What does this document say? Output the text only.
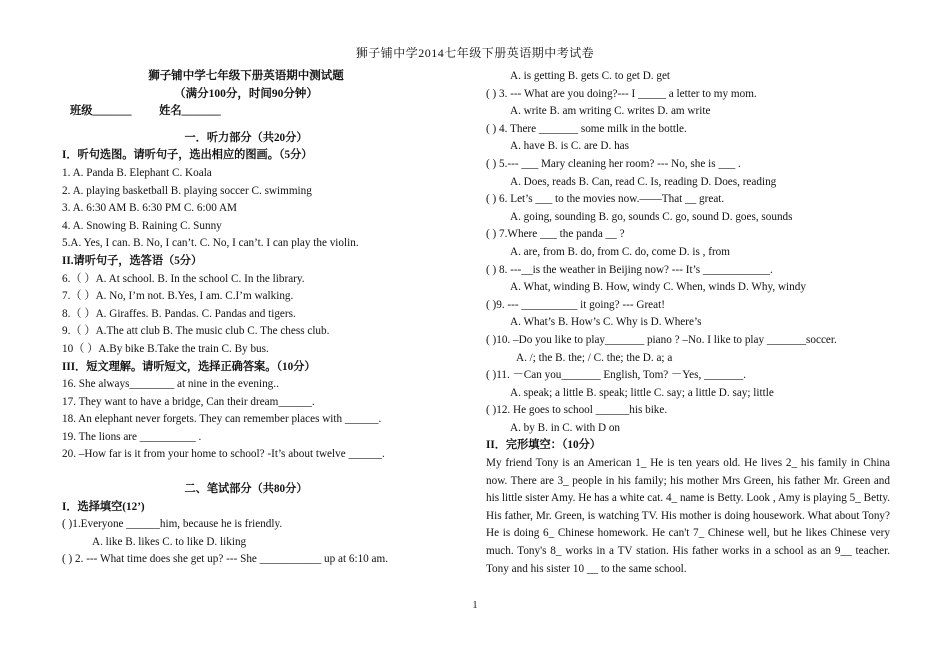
狮子铺中学2014七年级下册英语期中考试卷
狮子铺中学七年级下册英语期中测试题
（满分100分，时间90分钟）
班级_______ 姓名_______
一．听力部分（共20分）
I．听句选图。请听句子，选出相应的图画。（5分）
1. A. Panda B. Elephant C. Koala
2. A. playing basketball B. playing soccer C. swimming
3. A. 6:30 AM B. 6:30 PM C. 6:00 AM
4. A. Snowing B. Raining C. Sunny
5.A. Yes, I can. B. No, I can’t. C. No, I can’t. I can play the violin.
II.请听句子，选答语（5分）
6.（ ）A. At school. B. In the school C. In the library.
7.（ ）A. No, I’m not. B.Yes, I am. C.I’m walking.
8.（ ）A. Giraffes. B. Pandas. C. Pandas and tigers.
9.（ ）A.The att club B. The music club C. The chess club.
10（ ）A.By bike B.Take the train C. By bus.
III．短文理解。请听短文，选择正确答案。（10分）
16. She always________ at nine in the evening..
17. They want to have a bridge, Can their dream______.
18. An elephant never forgets. They can remember places with ______.
19. The lions are __________ .
20. –How far is it from your home to school? -It’s about twelve ______.
二、笔试部分（共80分）
I．选择填空(12’)
( )1.Everyone ______him, because he is friendly.
A. like B. likes C. to like D. liking
( ) 2. --- What time does she get up? --- She ___________ up at 6:10 am.
A. is getting B. gets C. to get D. get
( ) 3. --- What are you doing?--- I _____ a letter to my mom.
A. write B. am writing C. writes D. am write
( ) 4. There _______ some milk in the bottle.
A. have B. is C. are D. has
( ) 5.--- ___ Mary cleaning her room? --- No, she is ___ .
A. Does, reads B. Can, read C. Is, reading D. Does, reading
( ) 6. Let’s ___ to the movies now.——That __ great.
A. going, sounding B. go, sounds C. go, sound D. goes, sounds
( ) 7.Where ___ the panda __ ?
A. are, from B. do, from C. do, come D. is , from
( ) 8. ---__is the weather in Beijing now? --- It’s ____________.
A. What, winding B. How, windy C. When, winds D. Why, windy
( )9. --- __________ it going? --- Great!
A. What’s B. How’s C. Why is D. Where’s
( )10. –Do you like to play_______ piano ? –No. I like to play _______soccer.
A. /; the B. the; / C. the; the D. a; a
( )11. －Can you_______ English, Tom? －Yes, _______.
A. speak; a little B. speak; little C. say; a little D. say; little
( )12. He goes to school ______his bike.
A. by B. in C. with D on
II．完形填空：（10分）
My friend Tony is an American 1_ He is ten years old. He lives 2_ his family in China now. There are 3_ people in his family; his mother Mrs Green, his father Mr. Green and his little sister Amy. He has a white cat. 4_ name is Betty. Look , Amy is playing 5_ Betty. His father, Mr. Green, is watching TV. His mother is doing housework. What about Tony? He is doing 6_ Chinese homework. He can't 7_ Chinese well, but he likes Chinese very much. Tony's 8_ works in a TV station. His father works in a school as an 9__ teacher. Tony and his sister 10 __ to the same school.
1
